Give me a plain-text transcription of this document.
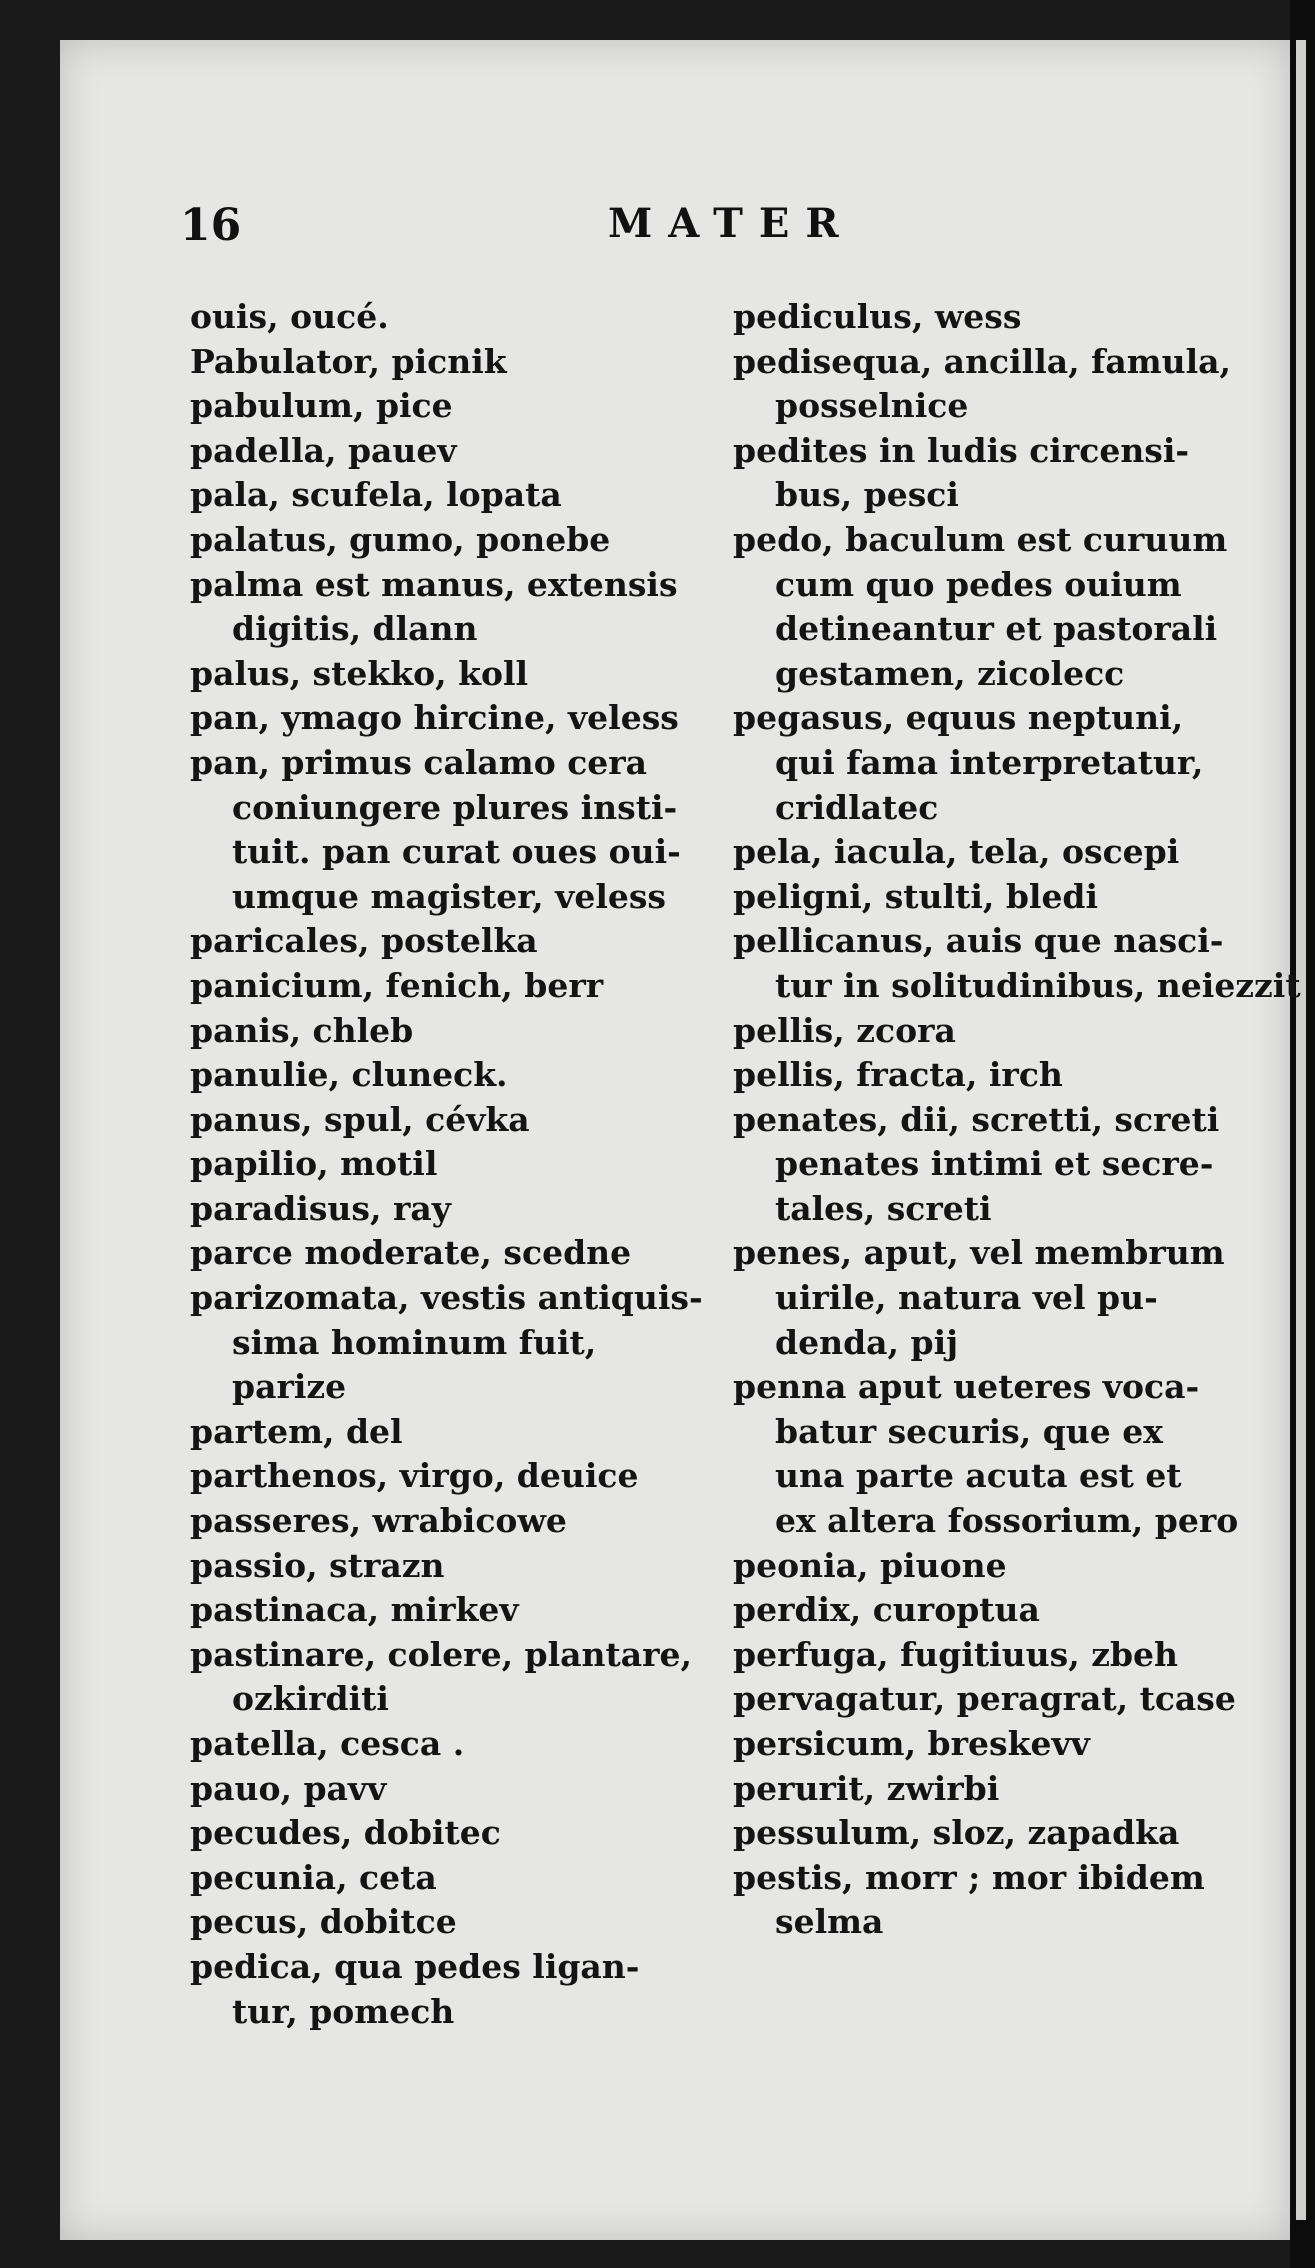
16	MATER
ouis, oucé.
Pabulator, picnik
pabulum, pice
padella, pauev
pala, scufela, lopata
palatus, gumo, ponebe
palma est manus, extensis
digitis, dlann
palus, stekko, koll
pan, ymago hircine, veless
pan, primus calamo cera
coniungere plures insti-
tuit. pan curat oues oui-
umque magister, veless
paricales, postelka
panicium, fenich, berr
panis, chleb
panulie, cluneck.
panus, spul, cévka
papilio, motil
paradisus, ray
parce moderate, scedne
parizomata, vestis antiquis-
sima hominum fuit,
parize
partem, del
parthenos, virgo, deuice
passeres, wrabicowe
passio, strazn
pastinaca, mirkev
pastinare, colere, plantare,
ozkirditi
patella, cesca .
pauo, pavv
pecudes, dobitec
pecunia, ceta
pecus, dobitce
pedica, qua pedes ligan-
tur, pomech
pediculus, wess
pedisequa, ancilla, famula,
posselnice
pedites in ludis circensi-
bus, pesci
pedo, baculum est curuum
cum quo pedes ouium
detineantur et pastorali
gestamen, zicolecc
pegasus, equus neptuni,
qui fama interpretatur,
cridlatec
pela, iacula, tela, oscepi
peligni, stulti, bledi
pellicanus, auis que nasci-
tur in solitudinibus, neiezzit
pellis, zcora
pellis, fracta, irch
penates, dii, scretti, screti
penates intimi et secre-
tales, screti
penes, aput, vel membrum
uirile, natura vel pu-
denda, pij
penna aput ueteres voca-
batur securis, que ex
una parte acuta est et
ex altera fossorium, pero
peonia, piuone
perdix, curoptua
perfuga, fugitiuus, zbeh
pervagatur, peragrat, tcase
persicum, breskevv
perurit, zwirbi
pessulum, sloz, zapadka
pestis, morr ; mor ibidem
selma
